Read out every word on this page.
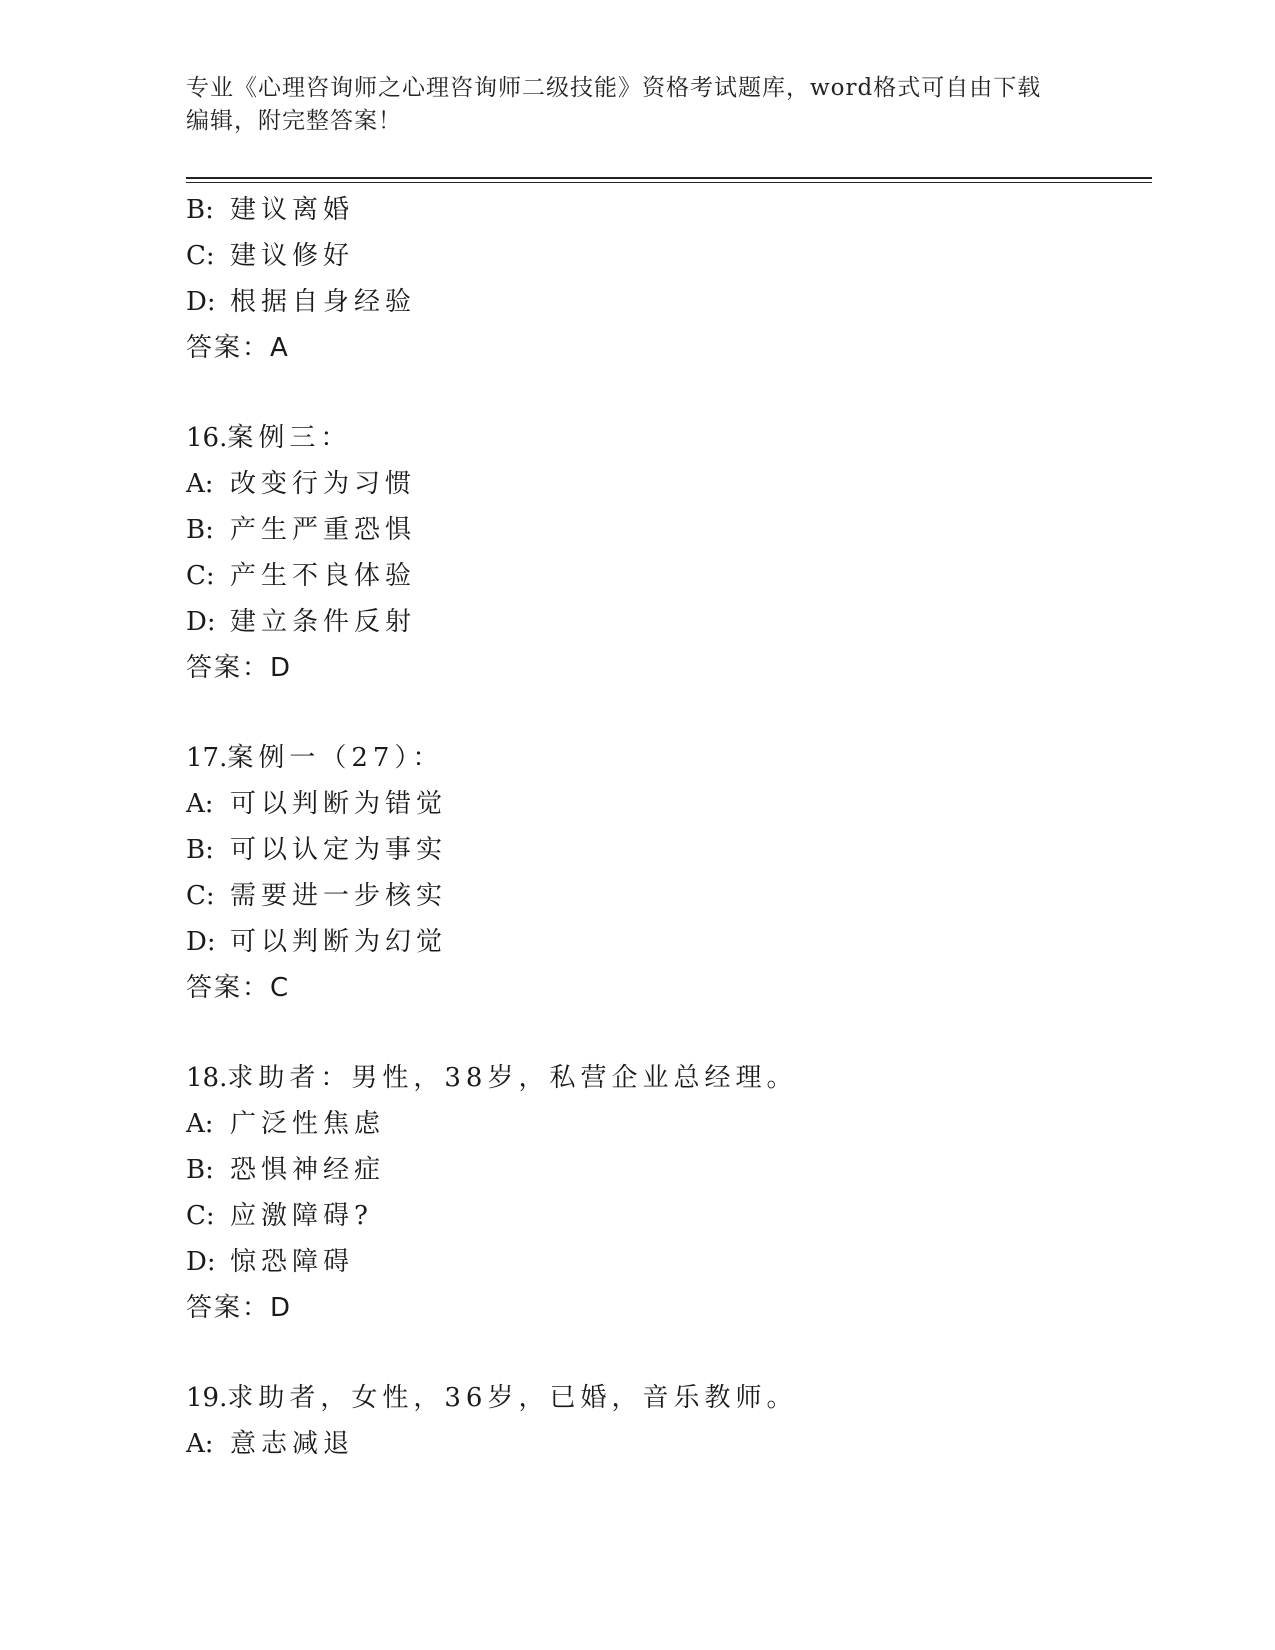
专业《心理咨询师之心理咨询师二级技能》资格考试题库，word格式可自由下载
编辑，附完整答案！
B: 建议离婚
C: 建议修好
D: 根据自身经验
答案：A
16.案例三：
A: 改变行为习惯
B: 产生严重恐惧
C: 产生不良体验
D: 建立条件反射
答案：D
17.案例一（27）：
A: 可以判断为错觉
B: 可以认定为事实
C: 需要进一步核实
D: 可以判断为幻觉
答案：C
18.求助者：男性，38岁，私营企业总经理。
A: 广泛性焦虑
B: 恐惧神经症
C: 应激障碍?
D: 惊恐障碍
答案：D
19.求助者，女性，36岁，已婚，音乐教师。
A: 意志减退
